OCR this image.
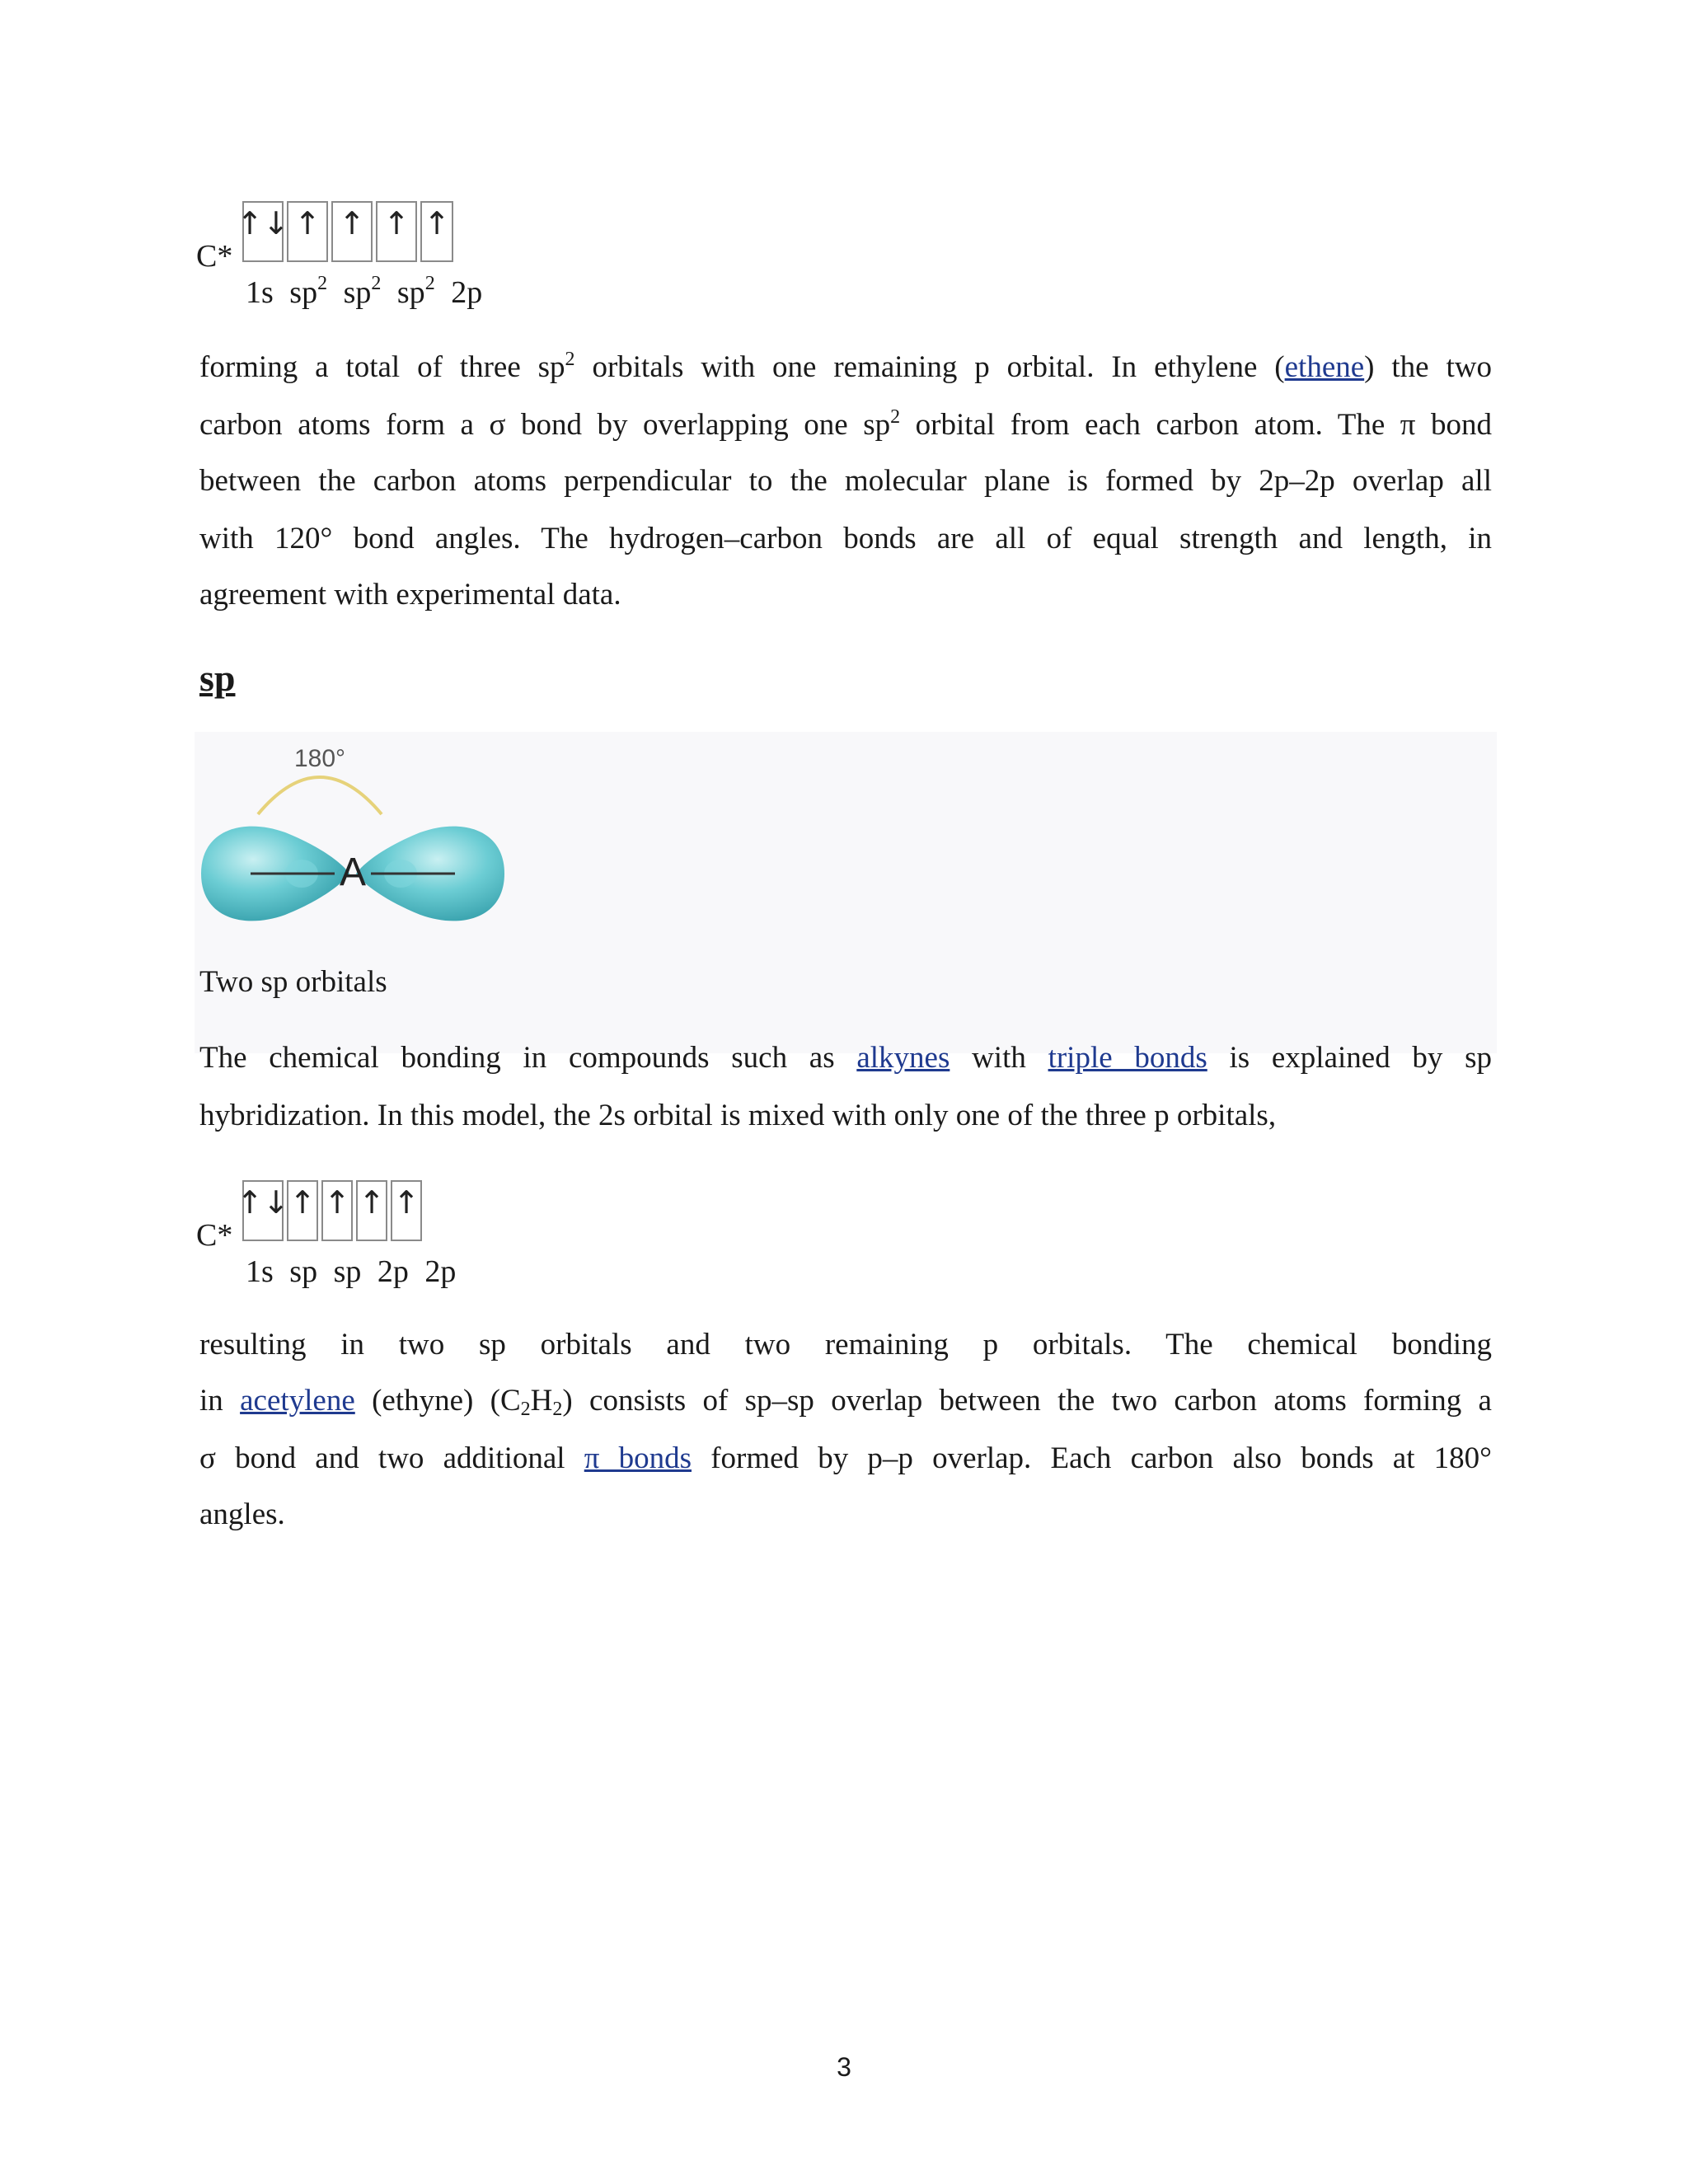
C*
↑↓ ↑ ↑ ↑ ↑
1s $sp^2$ $sp^2$ $sp^2$ 2p
forming a total of three $sp^2$ orbitals with one remaining p orbital. In ethylene (ethene) the two
carbon atoms form a σ bond by overlapping one $sp^2$ orbital from each carbon atom. The π bond
between the carbon atoms perpendicular to the molecular plane is formed by 2p–2p overlap all
with 120° bond angles. The hydrogen–carbon bonds are all of equal strength and length, in
agreement with experimental data.
sp
180°
A
Two sp orbitals
The chemical bonding in compounds such as alkynes with triple bonds is explained by sp
hybridization. In this model, the 2s orbital is mixed with only one of the three p orbitals,
C*
↑↓ ↑ ↑ ↑ ↑
1s sp sp 2p 2p
resulting in two sp orbitals and two remaining p orbitals. The chemical bonding
in acetylene (ethyne) $(C_2H_2)$ consists of sp–sp overlap between the two carbon atoms forming a
σ bond and two additional π bonds formed by p–p overlap. Each carbon also bonds at 180°
angles.
3
